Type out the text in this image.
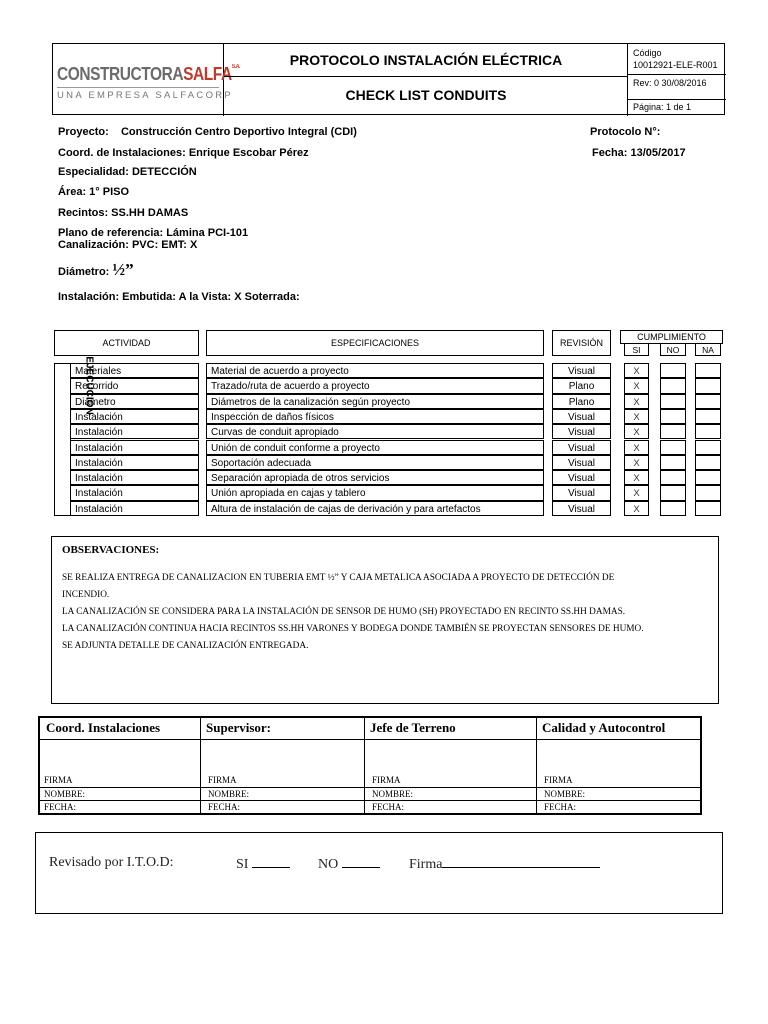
$CONSTRUCTORASALFA^{S.A.}$
UNA EMPRESA SALFACORP
PROTOCOLO INSTALACIÓN ELÉCTRICA
CHECK LIST CONDUITS
Código
10012921-ELE-R001
Rev: 0 30/08/2016
Página: 1 de 1
Proyecto: Construcción Centro Deportivo Integral (CDI)	Protocolo N°:
Coord. de Instalaciones: Enrique Escobar Pérez	Fecha: 13/05/2017
Especialidad: DETECCIÓN
Área: 1° PISO
Recintos: SS.HH DAMAS
Plano de referencia: Lámina PCI-101
Canalización: PVC: EMT: X
Diámetro: ½”
Instalación: Embutida: A la Vista: X Soterrada:
ACTIVIDAD	ESPECIFICACIONES	REVISIÓN
CUMPLIMIENTO
SI	NO	NA
EJECUCION
Materiales	Material de acuerdo a proyecto	Visual	X
Recorrido	Trazado/ruta de acuerdo a proyecto	Plano	X
Diámetro	Diámetros de la canalización según proyecto	Plano	X
Instalación	Inspección de daños físicos	Visual	X
Instalación	Curvas de conduit apropiado	Visual	X
Instalación	Unión de conduit conforme a proyecto	Visual	X
Instalación	Soportación adecuada	Visual	X
Instalación	Separación apropiada de otros servicios	Visual	X
Instalación	Unión apropiada en cajas y tablero	Visual	X
Instalación	Altura de instalación de cajas de derivación y para artefactos	Visual	X
OBSERVACIONES:
SE REALIZA ENTREGA DE CANALIZACION EN TUBERIA EMT ½” Y CAJA METALICA ASOCIADA A PROYECTO DE DETECCIÓN DE
INCENDIO.
LA CANALIZACIÓN SE CONSIDERA PARA LA INSTALACIÓN DE SENSOR DE HUMO (SH) PROYECTADO EN RECINTO SS.HH DAMAS.
LA CANALIZACIÓN CONTINUA HACIA RECINTOS SS.HH VARONES Y BODEGA DONDE TAMBIÉN SE PROYECTAN SENSORES DE HUMO.
SE ADJUNTA DETALLE DE CANALIZACIÓN ENTREGADA.
Coord. Instalaciones	Supervisor:	Jefe de Terreno	Calidad y Autocontrol
FIRMA	FIRMA	FIRMA	FIRMA
NOMBRE:	NOMBRE:	NOMBRE:	NOMBRE:
FECHA:	FECHA:	FECHA:	FECHA:
Revisado por I.T.O.D:	SI	NO	Firma
